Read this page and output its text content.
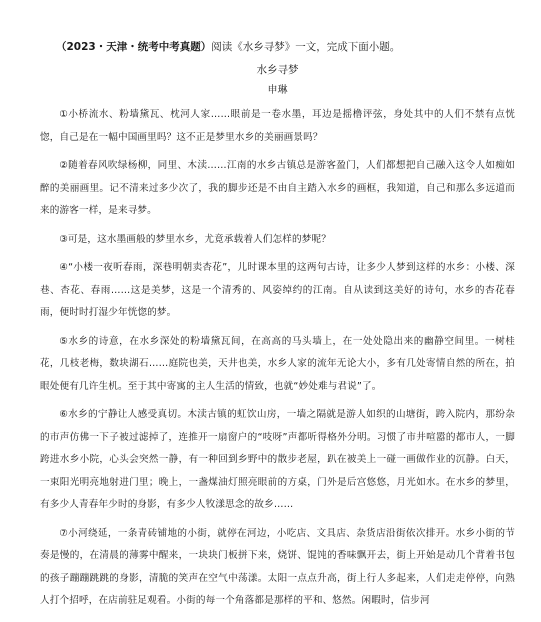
（2023・天津・统考中考真题）阅读《水乡寻梦》一文，完成下面小题。
水乡寻梦
申琳

①小桥流水、粉墙黛瓦、枕河人家……眼前是一卷水墨，耳边是摇橹评弦，身处其中的人们不禁有点恍惚，自己是在一幅中国画里吗？这不正是梦里水乡的美丽画景吗？

②随着春风吹绿杨柳，同里、木渎……江南的水乡古镇总是游客盈门，人们都想把自己融入这令人如痴如醉的美丽画里。记不清来过多少次了，我的脚步还是不由自主踏入水乡的画框，我知道，自己和那么多远道而来的游客一样，是来寻梦。

③可是，这水墨画般的梦里水乡，尤竟承载着人们怎样的梦呢？

④“小楼一夜听春雨，深巷明朝卖杏花”，儿时课本里的这两句古诗，让多少人梦到这样的水乡：小楼、深巷、杏花、春雨……这是美梦，这是一个清秀的、风姿绰约的江南。自从读到这美好的诗句，水乡的杏花春雨，便时时打湿少年恍惚的梦。

⑤水乡的诗意，在水乡深处的粉墙黛瓦间，在高高的马头墙上，在一处处隐出来的幽静空间里。一树桂花，几枝老梅，数块湖石……庭院也美，天井也美，水乡人家的流年无论大小，多有几处寄情自然的所在，拍眼处便有几许生机。至于其中寄寓的主人生活的情致，也就“妙处难与君说”了。

⑥水乡的宁静让人感受真切。木渎古镇的虹饮山房，一墙之隔就是游人如织的山塘街，跨入院内，那纷杂的市声仿佛一下子被过滤掉了，连推开一扇窗户的“吱呀”声都听得格外分明。习惯了市井喧嚣的都市人，一脚跨进水乡小院，心头会突然一静，有一种回到乡野中的散步老屋，趴在被美上一碰一画做作业的沉静。白天，一束阳光明亮地射进门里；晚上，一盏煤油灯照亮眼前的方桌，门外是后宫悠悠，月光如水。在水乡的梦里，有多少人青春年少时的身影，有多少人牧漾思念的故乡……

⑦小河绕延，一条青砖铺地的小街，就停在河边，小吃店、文具店、杂货店沿街依次排开。水乡小街的节奏是慢的，在清晨的薄雾中醒来，一块块门板拼下来，烧饼、馄饨的香味飘开去，街上开始是动几个背着书包的孩子蹦蹦跳跳的身影，清脆的笑声在空气中荡漾。太阳一点点升高，街上行人多起来，人们走走停停，向熟人打个招呼，在店前驻足观看。小街的每一个角落都是那样的平和、悠然。闲暇时，信步河
